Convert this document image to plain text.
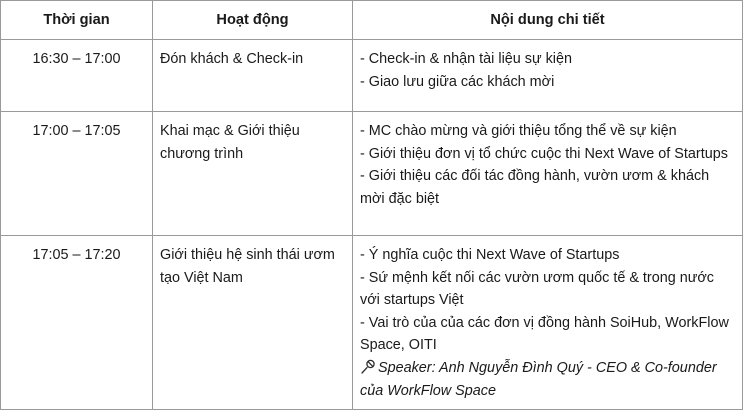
Thời gian	Hoạt động	Nội dung chi tiết
16:30 – 17:00	Đón khách & Check-in	- Check-in & nhận tài liệu sự kiện
- Giao lưu giữa các khách mời

17:00 – 17:05	Khai mạc & Giới thiệu chương trình	- MC chào mừng và giới thiệu tổng thể về sự kiện
- Giới thiệu đơn vị tổ chức cuộc thi Next Wave of Startups
- Giới thiệu các đối tác đồng hành, vườn ươm & khách mời đặc biệt

17:05 – 17:20	Giới thiệu hệ sinh thái ươm tạo Việt Nam	- Ý nghĩa cuộc thi Next Wave of Startups
- Sứ mệnh kết nối các vườn ươm quốc tế & trong nước với startups Việt
- Vai trò của của các đơn vị đồng hành SoiHub, WorkFlow Space, OITI
Speaker: Anh Nguyễn Đình Quý - CEO & Co-founder của WorkFlow Space
